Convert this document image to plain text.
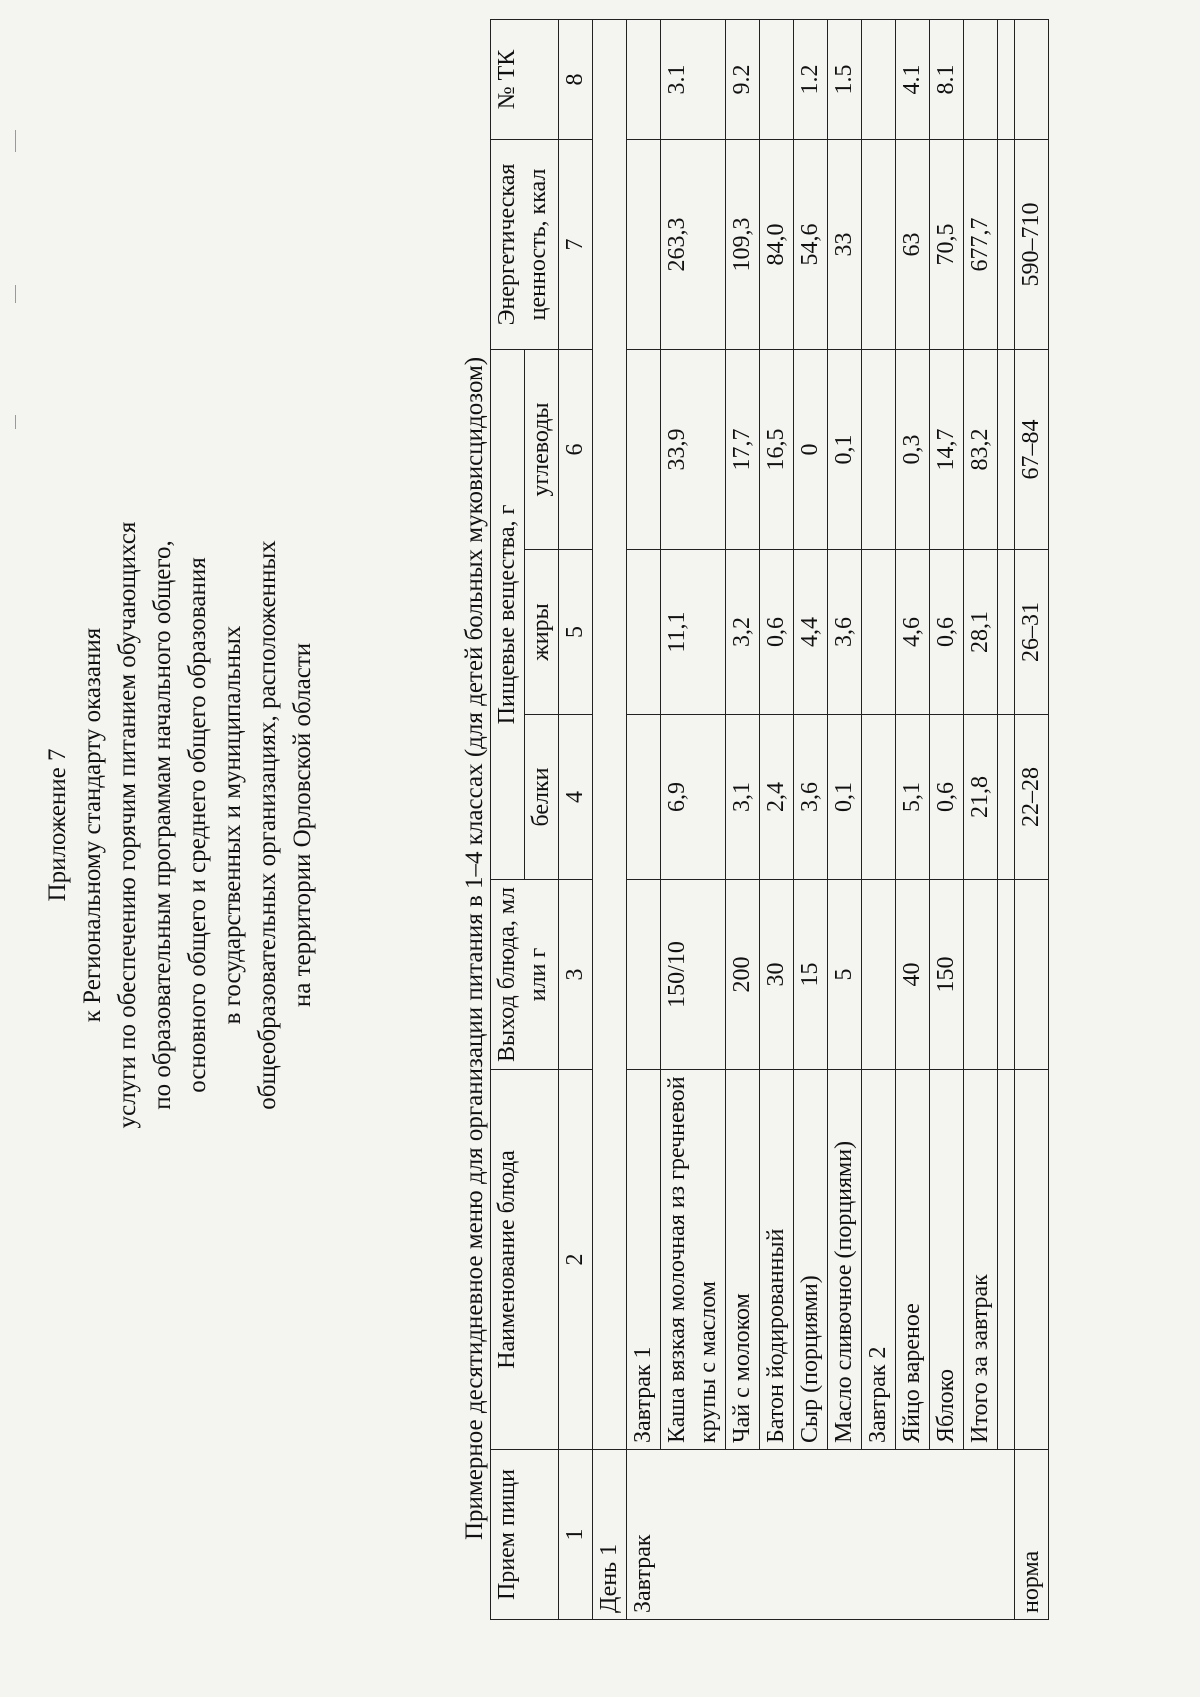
Приложение 7 к Региональному стандарту оказания услуги по обеспечению горячим питанием обучающихся по образовательным программам начального общего, основного общего и среднего общего образования в государственных и муниципальных общеобразовательных организациях, расположенных на территории Орловской области	Примерное десятидневное меню для организации питания в 1–4 классах (для детей больных муковисцидозом) Прием пищи	Наименование блюда	Выход блюда, мл или г	Пищевые вещества, г			Энергетическая ценность, ккал	№ ТК
			белки	жиры	углеводы		
1	2	3	4	5	6	7	8
День 1							
Завтрак	Завтрак 1						
	Каша вязкая молочная из гречневой крупы с маслом	150/10	6,9	11,1	33,9	263,3	3.1
	Чай с молоком	200	3,1	3,2	17,7	109,3	9.2
	Батон йодированный	30	2,4	0,6	16,5	84,0	
	Сыр (порциями)	15	3,6	4,4	0	54,6	1.2
	Масло сливочное (порциями)	5	0,1	3,6	0,1	33	1.5
	Завтрак 2						
	Яйцо вареное	40	5,1	4,6	0,3	63	4.1
	Яблоко	150	0,6	0,6	14,7	70,5	8.1
	Итого за завтрак		21,8	28,1	83,2	677,7	

норма			22–28	26–31	67–84	590–710	
